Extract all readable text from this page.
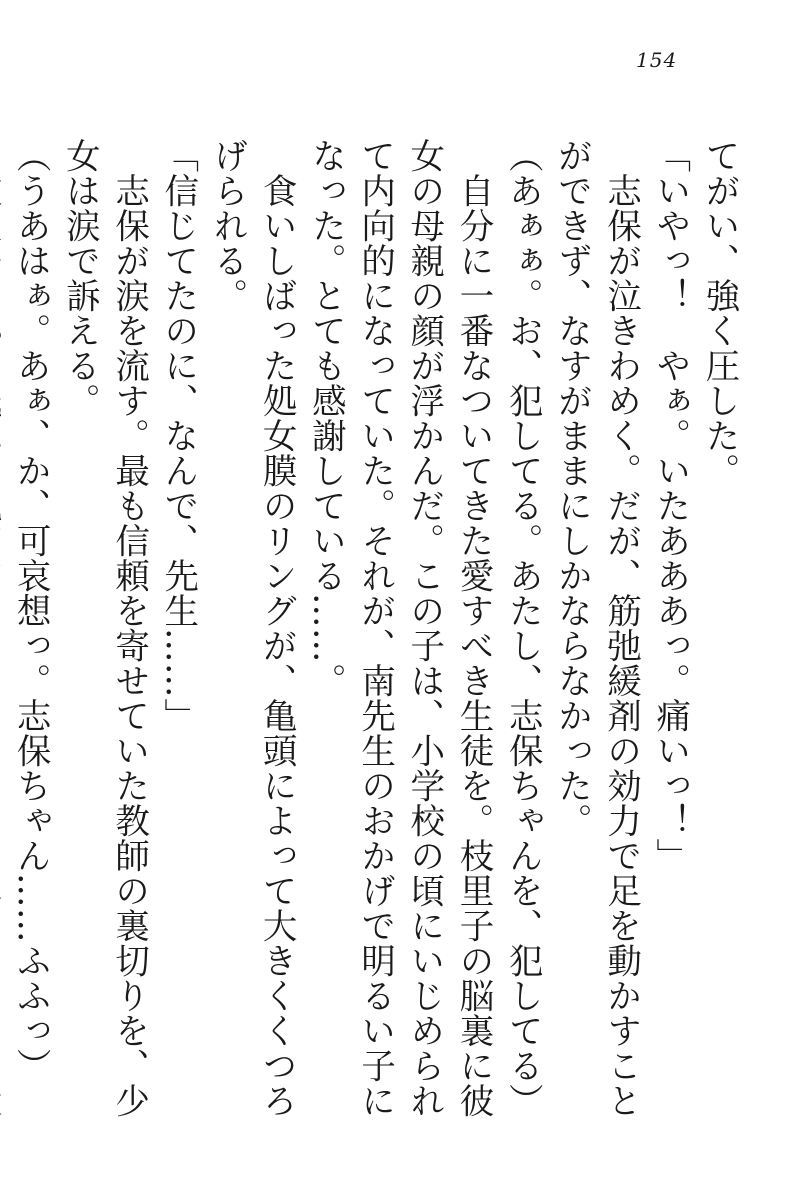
154

てがい、強く圧した。

「いやっ！　やぁ。いたあああっ。痛いっ！」

志保が泣きわめく。だが、筋弛緩剤の効力で足を動かすことができず、なすがままにしかならなかった。

（あぁぁ。お、犯してる。あたし、志保ちゃんを、犯してる）

自分に一番なついてきた愛すべき生徒を。枝里子の脳裏に彼女の母親の顔が浮かんだ。この子は、小学校の頃にいじめられて内向的になっていた。それが、南先生のおかげで明るい子になった。とても感謝している……。

食いしばった処女膜のリングが、亀頭によって大きくくつろげられる。

「信じてたのに、なんで、先生……」

志保が涙を流す。最も信頼を寄せていた教師の裏切りを、少女は涙で訴える。

（うあはぁ。あぁ、か、可哀想っ。志保ちゃん……ふふっ）
